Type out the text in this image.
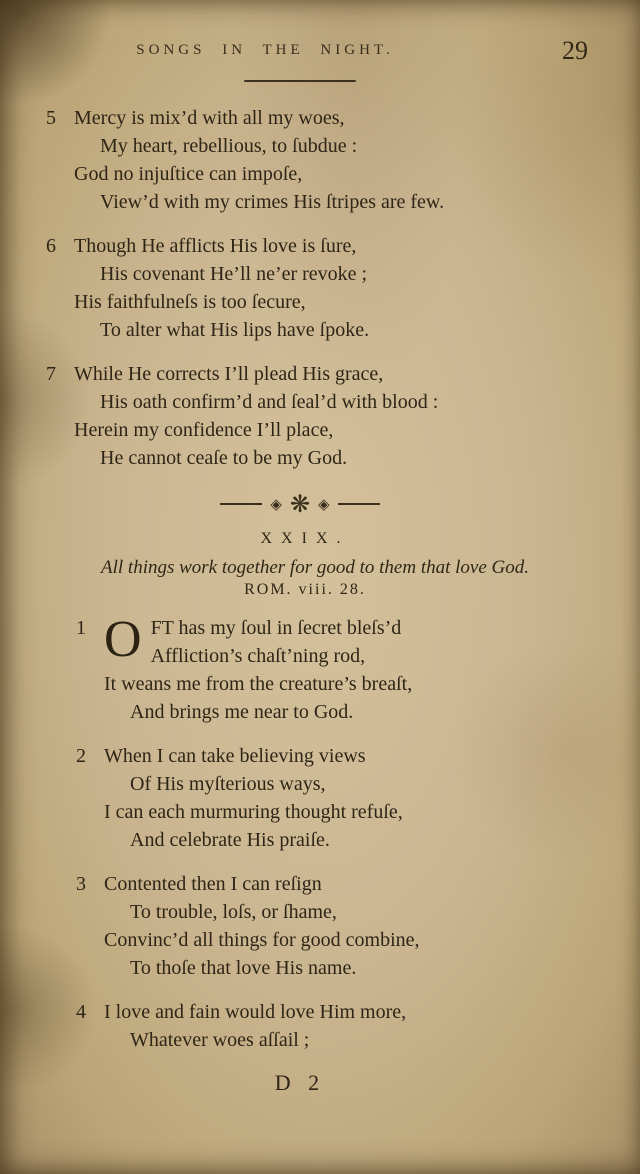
SONGS IN THE NIGHT.	29
5 Mercy is mix’d with all my woes,
My heart, rebellious, to ſubdue :
God no injuſtice can impoſe,
View’d with my crimes His ſtripes are few.
6 Though He afflicts His love is ſure,
His covenant He’ll ne’er revoke ;
His faithfulneſs is too ſecure,
To alter what His lips have ſpoke.
7 While He corrects I’ll plead His grace,
His oath confirm’d and ſeal’d with blood :
Herein my confidence I’ll place,
He cannot ceaſe to be my God.
◈ ❋ ◈
XXIX.
All things work together for good to them that love God.
ROM. viii. 28.
1 O FT has my ſoul in ſecret bleſs’d
Affliction’s chaſt’ning rod,
It weans me from the creature’s breaſt,
And brings me near to God.
2 When I can take believing views
Of His myſterious ways,
I can each murmuring thought refuſe,
And celebrate His praiſe.
3 Contented then I can reſign
To trouble, loſs, or ſhame,
Convinc’d all things for good combine,
To thoſe that love His name.
4 I love and fain would love Him more,
Whatever woes aſſail ;
D 2
